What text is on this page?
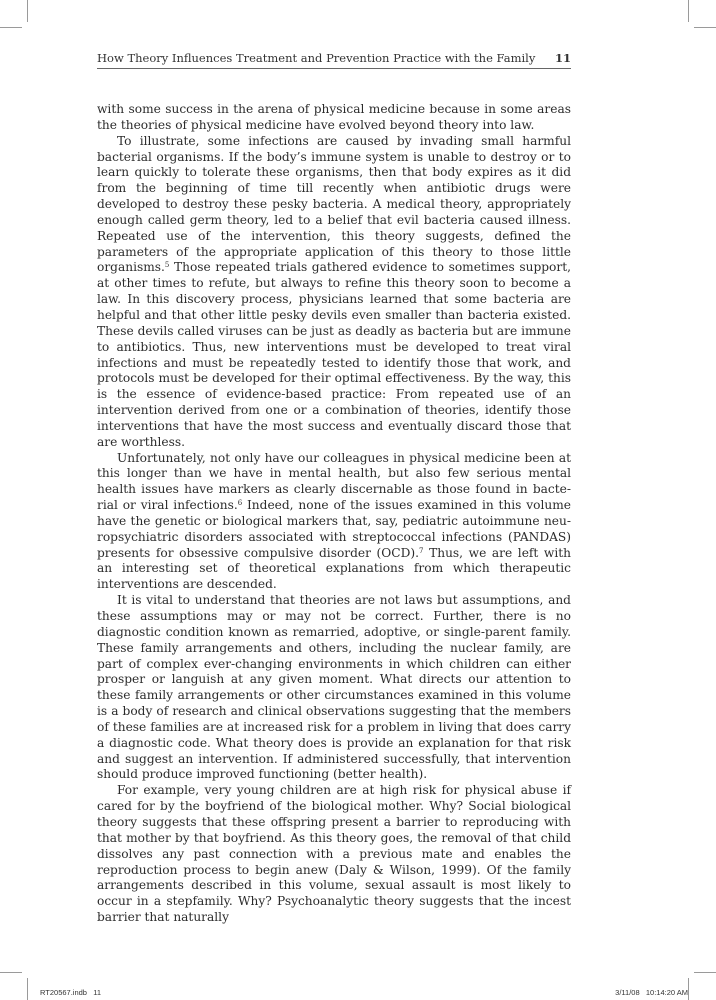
How Theory Influences Treatment and Prevention Practice with the Family 11

with some success in the arena of physical medicine because in some areas the theories of physical medicine have evolved beyond theory into law.

To illustrate, some infections are caused by invading small harmful bacterial organisms. If the body’s immune system is unable to destroy or to learn quickly to tolerate these organisms, then that body expires as it did from the beginning of time till recently when antibiotic drugs were developed to destroy these pesky bacteria. A medical theory, appropriately enough called germ theory, led to a belief that evil bacteria caused illness. Repeated use of the intervention, this theory suggests, defined the parameters of the appropriate application of this theory to those little organisms.$^5$ Those repeated trials gathered evidence to sometimes support, at other times to refute, but always to refine this theory soon to become a law. In this discovery process, physicians learned that some bacteria are helpful and that other little pesky devils even smaller than bacteria existed. These devils called viruses can be just as deadly as bacteria but are immune to antibiotics. Thus, new interventions must be developed to treat viral infections and must be repeatedly tested to identify those that work, and protocols must be developed for their optimal effectiveness. By the way, this is the essence of evidence-based practice: From repeated use of an intervention derived from one or a combination of theories, identify those interventions that have the most success and eventually discard those that are worthless.

Unfortunately, not only have our colleagues in physical medicine been at this longer than we have in mental health, but also few serious mental health issues have markers as clearly discernable as those found in bacterial or viral infections.$^6$ Indeed, none of the issues examined in this volume have the genetic or biological markers that, say, pediatric autoimmune neuropsychiatric disorders associated with streptococcal infections (PANDAS) presents for obsessive compulsive disorder (OCD).$^7$ Thus, we are left with an interesting set of theoretical explanations from which therapeutic interventions are descended.

It is vital to understand that theories are not laws but assumptions, and these assumptions may or may not be correct. Further, there is no diagnostic condition known as remarried, adoptive, or single-parent family. These family arrangements and others, including the nuclear family, are part of complex ever-changing environments in which children can either prosper or languish at any given moment. What directs our attention to these family arrangements or other circumstances examined in this volume is a body of research and clinical observations suggesting that the members of these families are at increased risk for a problem in living that does carry a diagnostic code. What theory does is provide an explanation for that risk and suggest an intervention. If administered successfully, that intervention should produce improved functioning (better health).

For example, very young children are at high risk for physical abuse if cared for by the boyfriend of the biological mother. Why? Social biological theory suggests that these offspring present a barrier to reproducing with that mother by that boyfriend. As this theory goes, the removal of that child dissolves any past connection with a previous mate and enables the reproduction process to begin anew (Daly & Wilson, 1999). Of the family arrangements described in this volume, sexual assault is most likely to occur in a stepfamily. Why? Psychoanalytic theory suggests that the incest barrier that naturally

RT20567.indb   11	3/11/08   10:14:20 AM
